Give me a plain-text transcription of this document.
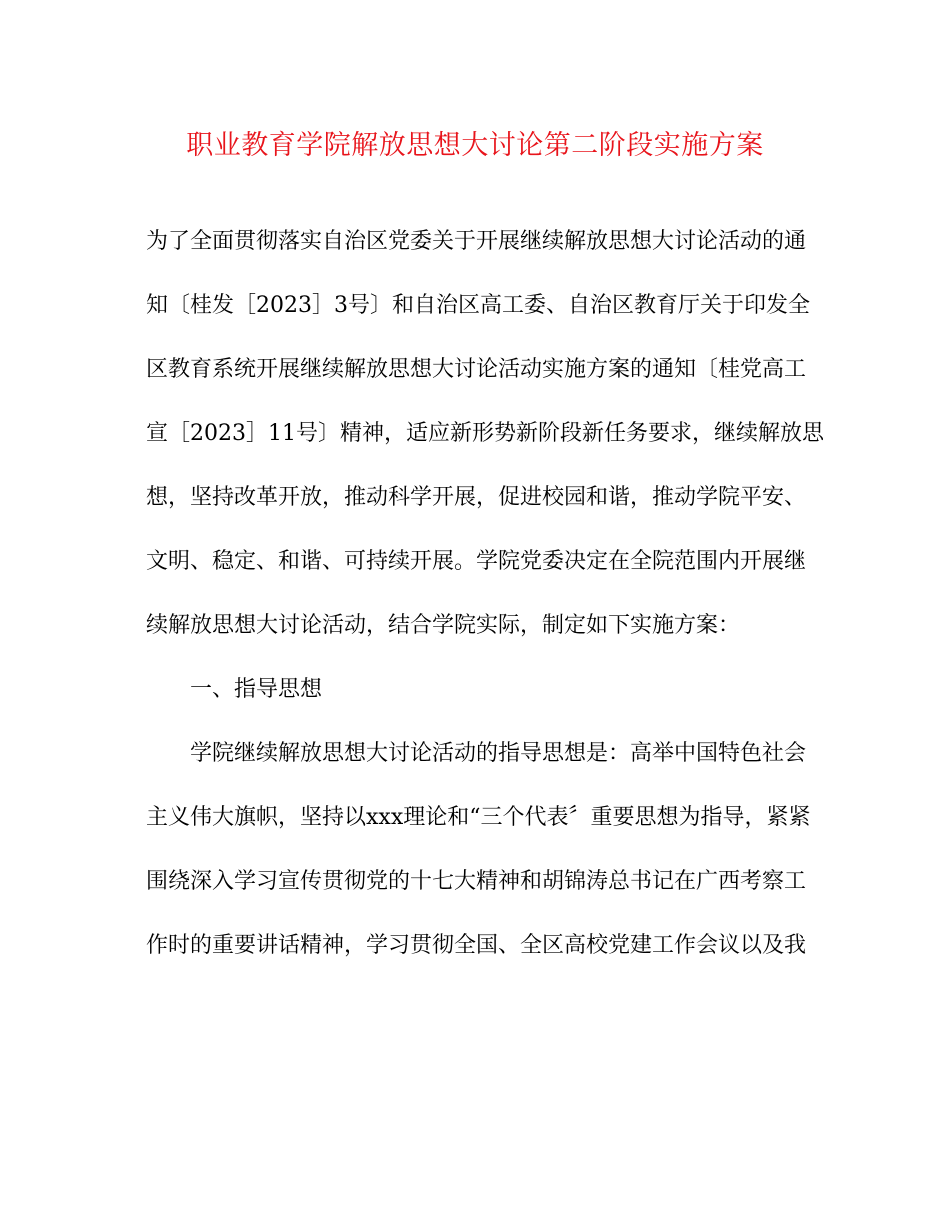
职业教育学院解放思想大讨论第二阶段实施方案
为了全面贯彻落实自治区党委关于开展继续解放思想大讨论活动的通
知〔桂发［2023］3号〕和自治区高工委、自治区教育厅关于印发全
区教育系统开展继续解放思想大讨论活动实施方案的通知〔桂党高工
宣［2023］11号〕精神，适应新形势新阶段新任务要求，继续解放思
想，坚持改革开放，推动科学开展，促进校园和谐，推动学院平安、
文明、稳定、和谐、可持续开展。学院党委决定在全院范围内开展继
续解放思想大讨论活动，结合学院实际，制定如下实施方案：
一、指导思想
学院继续解放思想大讨论活动的指导思想是：高举中国特色社会
主义伟大旗帜，坚持以xxx理论和“三个代表〞重要思想为指导，紧紧
围绕深入学习宣传贯彻党的十七大精神和胡锦涛总书记在广西考察工
作时的重要讲话精神，学习贯彻全国、全区高校党建工作会议以及我
